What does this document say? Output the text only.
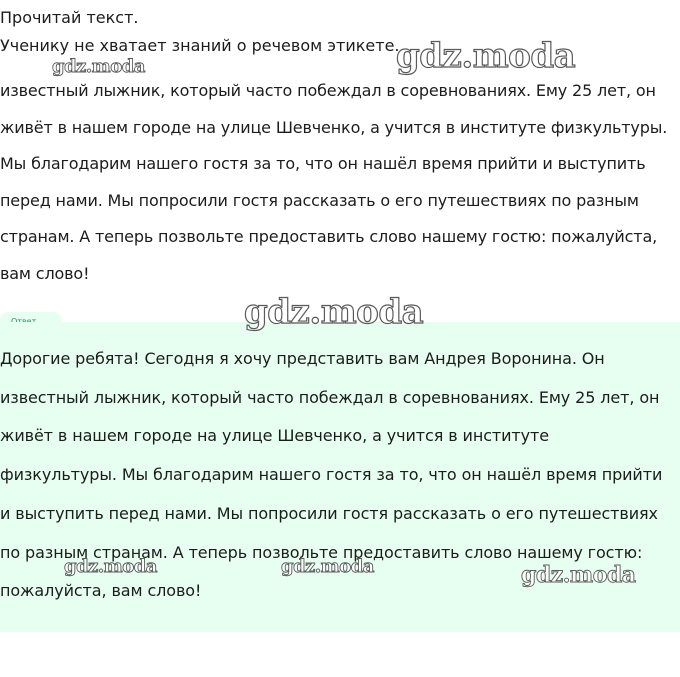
Прочитай текст.
Ученику не хватает знаний о речевом этикете.
известный лыжник, который часто побеждал в соревнованиях. Ему 25 лет, он живёт в нашем городе на улице Шевченко, а учится в институте физкультуры. Мы благодарим нашего гостя за то, что он нашёл время прийти и выступить перед нами. Мы попросили гостя рассказать о его путешествиях по разным странам. А теперь позвольте предоставить слово нашему гостю: пожалуйста, вам слово!
Дорогие ребята! Сегодня я хочу представить вам Андрея Воронина. Он известный лыжник, который часто побеждал в соревнованиях. Ему 25 лет, он живёт в нашем городе на улице Шевченко, а учится в институте физкультуры. Мы благодарим нашего гостя за то, что он нашёл время прийти и выступить перед нами. Мы попросили гостя рассказать о его путешествиях по разным странам. А теперь позвольте предоставить слово нашему гостю: пожалуйста, вам слово!
gdz.moda
gdz.moda
gdz.moda
gdz.moda	gdz.moda	gdz.moda
